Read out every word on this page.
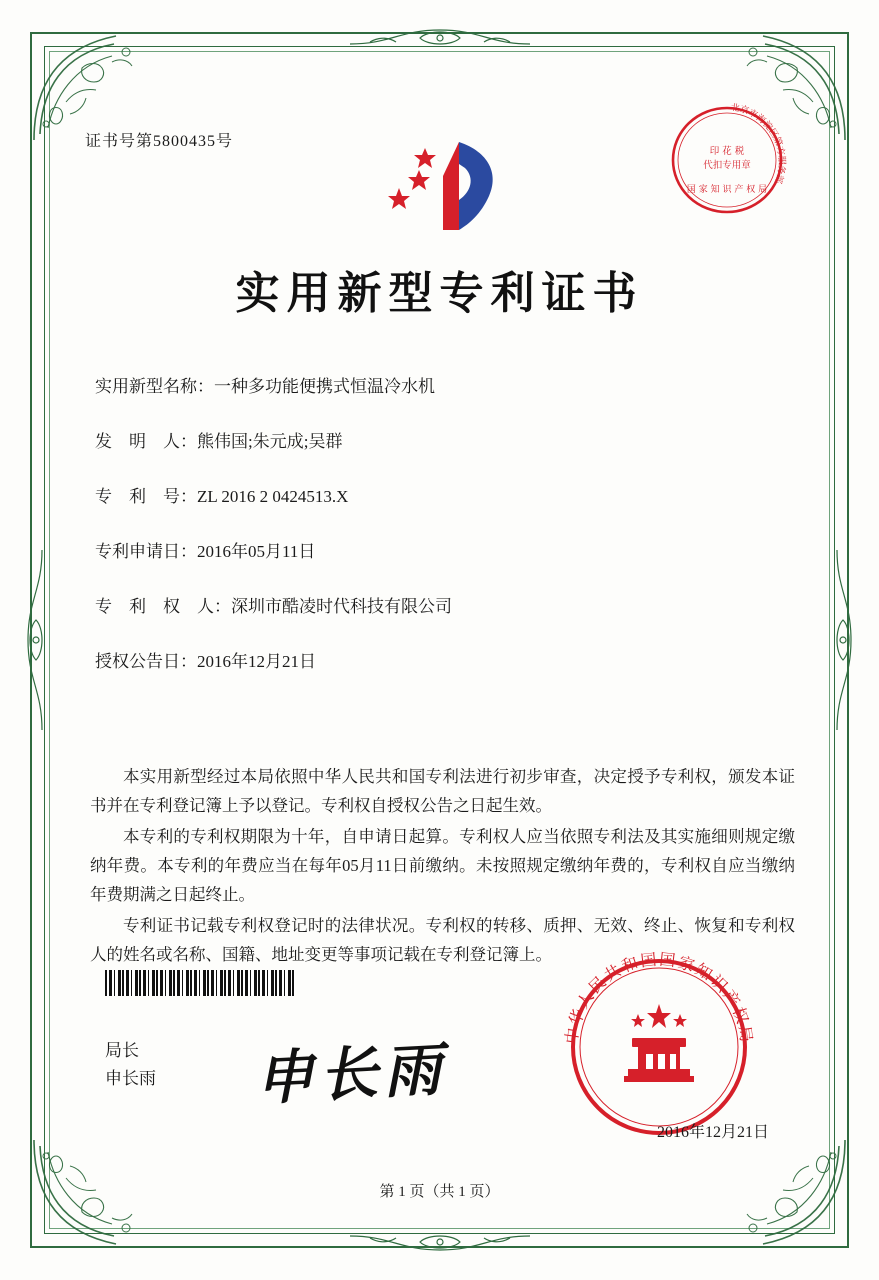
证书号第5800435号
北京市海淀区第方服务部
印 花 税
代扣专用章
国 家 知 识 产 权 局
实用新型专利证书
实用新型名称：一种多功能便携式恒温冷水机
发　明　人：熊伟国;朱元成;吴群
专　利　号：ZL 2016 2 0424513.X
专利申请日：2016年05月11日
专　利　权　人：深圳市酷凌时代科技有限公司
授权公告日：2016年12月21日

本实用新型经过本局依照中华人民共和国专利法进行初步审查，决定授予专利权，颁发本证书并在专利登记簿上予以登记。专利权自授权公告之日起生效。

本专利的专利权期限为十年，自申请日起算。专利权人应当依照专利法及其实施细则规定缴纳年费。本专利的年费应当在每年05月11日前缴纳。未按照规定缴纳年费的，专利权自应当缴纳年费期满之日起终止。

专利证书记载专利权登记时的法律状况。专利权的转移、质押、无效、终止、恢复和专利权人的姓名或名称、国籍、地址变更等事项记载在专利登记簿上。

局长
申长雨 申长雨
中华人民共和国国家知识产权局
2016年12月21日
第 1 页（共 1 页）
